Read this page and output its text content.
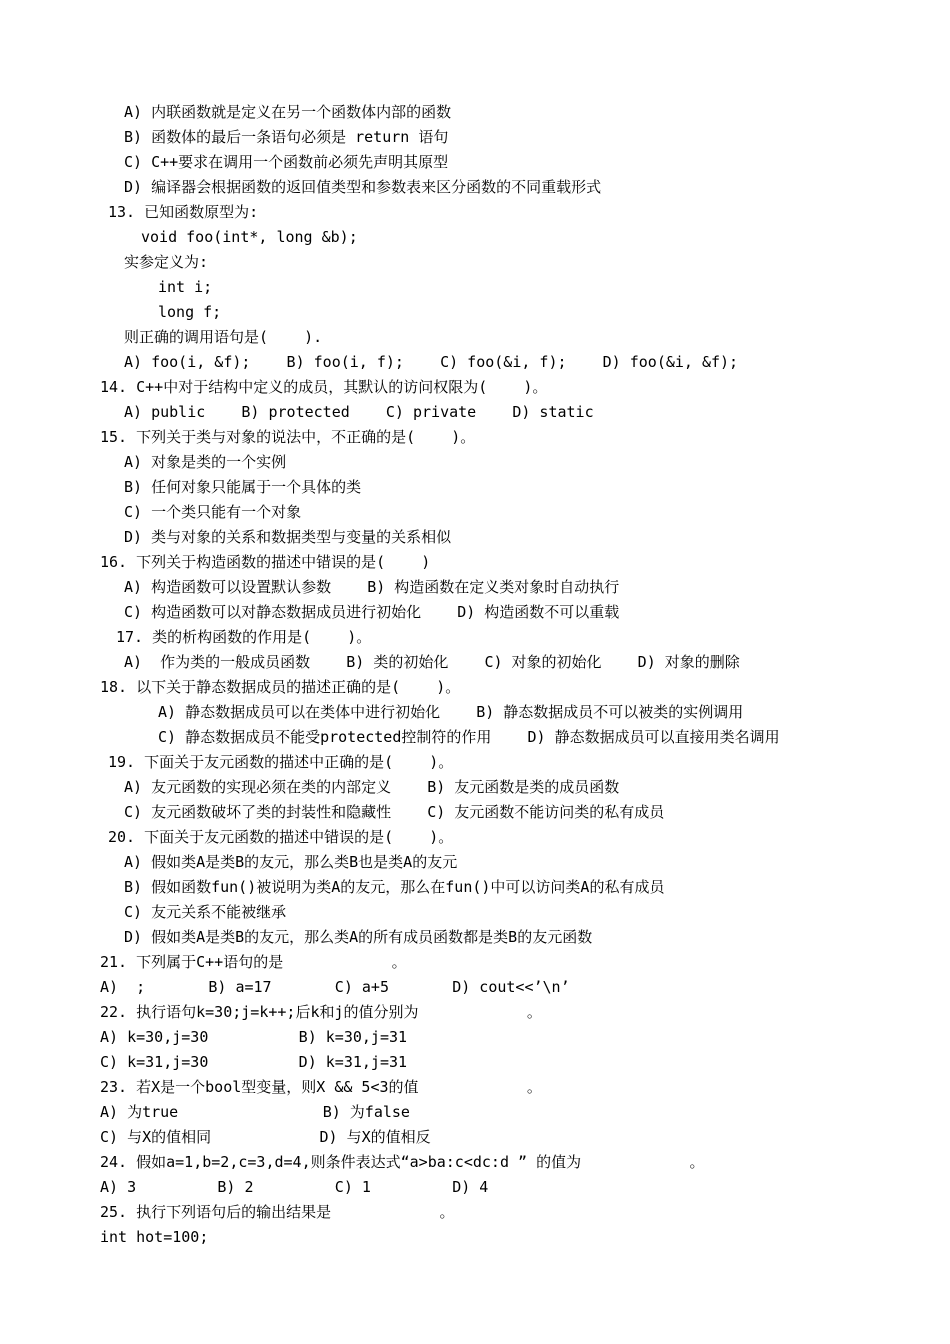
A) 内联函数就是定义在另一个函数体内部的函数
B) 函数体的最后一条语句必须是 return 语句
C) C++要求在调用一个函数前必须先声明其原型
D) 编译器会根据函数的返回值类型和参数表来区分函数的不同重载形式
13. 已知函数原型为:
void foo(int*, long &b);
实参定义为:
int i;
long f;
则正确的调用语句是(    ).
A) foo(i, &f);    B) foo(i, f);    C) foo(&i, f);    D) foo(&i, &f);
14. C++中对于结构中定义的成员，其默认的访问权限为(    )。
A) public    B) protected    C) private    D) static
15. 下列关于类与对象的说法中，不正确的是(    )。
A) 对象是类的一个实例
B) 任何对象只能属于一个具体的类
C) 一个类只能有一个对象
D) 类与对象的关系和数据类型与变量的关系相似
16. 下列关于构造函数的描述中错误的是(    )
A) 构造函数可以设置默认参数    B) 构造函数在定义类对象时自动执行
C) 构造函数可以对静态数据成员进行初始化    D) 构造函数不可以重载
17. 类的析构函数的作用是(    )。
A)  作为类的一般成员函数    B) 类的初始化    C) 对象的初始化    D) 对象的删除
18. 以下关于静态数据成员的描述正确的是(    )。
A) 静态数据成员可以在类体中进行初始化    B) 静态数据成员不可以被类的实例调用
C) 静态数据成员不能受protected控制符的作用    D) 静态数据成员可以直接用类名调用
19. 下面关于友元函数的描述中正确的是(    )。
A) 友元函数的实现必须在类的内部定义    B) 友元函数是类的成员函数
C) 友元函数破坏了类的封装性和隐藏性    C) 友元函数不能访问类的私有成员
20. 下面关于友元函数的描述中错误的是(    )。
A) 假如类A是类B的友元，那么类B也是类A的友元
B) 假如函数fun()被说明为类A的友元，那么在fun()中可以访问类A的私有成员
C) 友元关系不能被继承
D) 假如类A是类B的友元，那么类A的所有成员函数都是类B的友元函数
21. 下列属于C++语句的是            。
A)  ;       B) a=17       C) a+5       D) cout<<’\n’
22. 执行语句k=30;j=k++;后k和j的值分别为            。
A) k=30,j=30          B) k=30,j=31
C) k=31,j=30          D) k=31,j=31
23. 若X是一个bool型变量，则X && 5<3的值            。
A) 为true                B) 为false
C) 与X的值相同            D) 与X的值相反
24. 假如a=1,b=2,c=3,d=4,则条件表达式“a>ba:c<dc:d ” 的值为            。
A) 3         B) 2         C) 1         D) 4
25. 执行下列语句后的输出结果是            。
int hot=100;
